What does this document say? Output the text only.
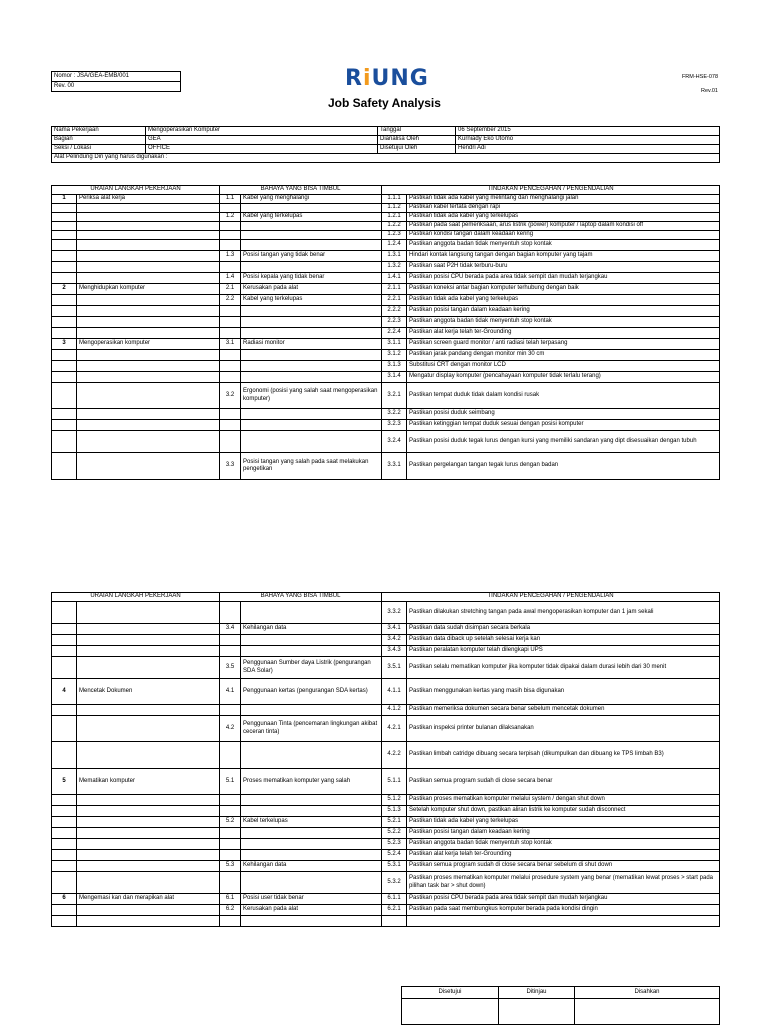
Nomor : JSA/GEA-EMB/001
Rev. 00	RiUNG
Job Safety Analysis
FRM-HSE-078
Rev.01
Nama Pekerjaan	Mengoperasikan Komputer	Tanggal	06 September 2015
Bagian	GEA	Dianalisa Oleh	Kurniady Eko Utomo
Seksi / Lokasi	OFFICE	Disetujui Oleh	Hendri Adi
Alat Pelindung Diri yang harus digunakan :			
URAIAN LANGKAH PEKERJAAN		BAHAYA YANG BISA TIMBUL		TINDAKAN PENCEGAHAN / PENGENDALIAN	
1	Periksa alat kerja	1.1	Kabel yang menghalangi	1.1.1	Pastikan tidak ada kabel yang melintang dan menghalangi jalan
				1.1.2	Pastikan kabel tertata dengan rapi
		1.2	Kabel yang terkelupas	1.2.1	Pastikan tidak ada kabel yang terkelupas
				1.2.2	Pastikan pada saat pemeriksaan, arus listrik (power) komputer / laptop dalam kondisi off
				1.2.3	Pastikan kondisi tangan dalam keadaan kering
				1.2.4	Pastikan anggota badan tidak menyentuh stop kontak
		1.3	Posisi tangan yang tidak benar	1.3.1	Hindari kontak langsung tangan dengan bagian komputer yang tajam
				1.3.2	Pastikan saat P2H tidak terburu-buru
		1.4	Posisi kepala yang tidak benar	1.4.1	Pastikan posisi CPU berada pada area tidak sempit dan mudah terjangkau
2	Menghidupkan komputer	2.1	Kerusakan pada alat	2.1.1	Pastikan koneksi antar bagian komputer terhubung dengan baik
		2.2	Kabel yang terkelupas	2.2.1	Pastikan tidak ada kabel yang terkelupas
				2.2.2	Pastikan posisi tangan dalam keadaan kering
				2.2.3	Pastikan anggota badan tidak menyentuh stop kontak
				2.2.4	Pastikan alat kerja telah ter-Grounding
3	Mengoperasikan komputer	3.1	Radiasi monitor	3.1.1	Pastikan screen guard monitor / anti radiasi telah terpasang
				3.1.2	Pastikan jarak pandang dengan monitor min 30 cm
				3.1.3	Substitusi CRT dengan monitor LCD
				3.1.4	Mengatur display komputer (pencahayaan komputer tidak terlalu terang)
		3.2	Ergonomi (posisi yang salah saat mengoperasikan komputer)	3.2.1	Pastikan tempat duduk tidak dalam kondisi rusak
				3.2.2	Pastikan posisi duduk seimbang
				3.2.3	Pastikan ketinggian tempat duduk sesuai dengan posisi komputer
				3.2.4	Pastikan posisi duduk tegak lurus dengan kursi yang memiliki sandaran yang dipt disesuaikan dengan tubuh
		3.3	Posisi tangan yang salah pada saat melakukan pengetikan	3.3.1	Pastikan pergelangan tangan tegak lurus dengan badan
URAIAN LANGKAH PEKERJAAN		BAHAYA YANG BISA TIMBUL		TINDAKAN PENCEGAHAN / PENGENDALIAN	
				3.3.2	Pastikan dilakukan stretching tangan pada awal mengoperasikan komputer dan 1 jam sekali
		3.4	Kehilangan data	3.4.1	Pastikan data sudah disimpan secara berkala
				3.4.2	Pastikan data diback up setelah selesai kerja kan
				3.4.3	Pastikan peralatan komputer telah dilengkapi UPS
		3.5	Penggunaan Sumber daya Listrik (pengurangan SDA Solar)	3.5.1	Pastikan selalu mematikan komputer jika komputer tidak dipakai dalam durasi lebih dari 30 menit
4	Mencetak Dokumen	4.1	Penggunaan kertas (pengurangan SDA kertas)	4.1.1	Pastikan menggunakan kertas yang masih bisa digunakan
				4.1.2	Pastikan memeriksa dokumen secara benar sebelum mencetak dokumen
		4.2	Penggunaan Tinta (pencemaran lingkungan akibat ceceran tinta)	4.2.1	Pastikan inspeksi printer bulanan dilaksanakan
				4.2.2	Pastikan limbah catridge dibuang secara terpisah (dikumpulkan dan dibuang ke TPS limbah B3)
5	Mematikan komputer	5.1	Proses mematikan komputer yang salah	5.1.1	Pastikan semua program sudah di close secara benar
				5.1.2	Pastikan proses mematikan komputer melalui system / dengan shut down
				5.1.3	Setelah komputer shut down, pastikan aliran listrik ke komputer sudah disconnect
		5.2	Kabel terkelupas	5.2.1	Pastikan tidak ada kabel yang terkelupas
				5.2.2	Pastikan posisi tangan dalam keadaan kering
				5.2.3	Pastikan anggota badan tidak menyentuh stop kontak
				5.2.4	Pastikan alat kerja telah ter-Grounding
		5.3	Kehilangan data	5.3.1	Pastikan semua program sudah di close secara benar sebelum di shut down
				5.3.2	Pastikan proses mematikan komputer melalui prosedure system yang benar (mematikan lewat proses > start pada pilihan task bar > shut down)
6	Mengemasi kan dan merapikan alat	6.1	Posisi user tidak benar	6.1.1	Pastikan posisi CPU berada pada area tidak sempit dan mudah terjangkau
		6.2	Kerusakan pada alat	6.2.1	Pastikan pada saat membungkus komputer berada pada kondisi dingin

Disetujui	Ditinjau	Disahkan
